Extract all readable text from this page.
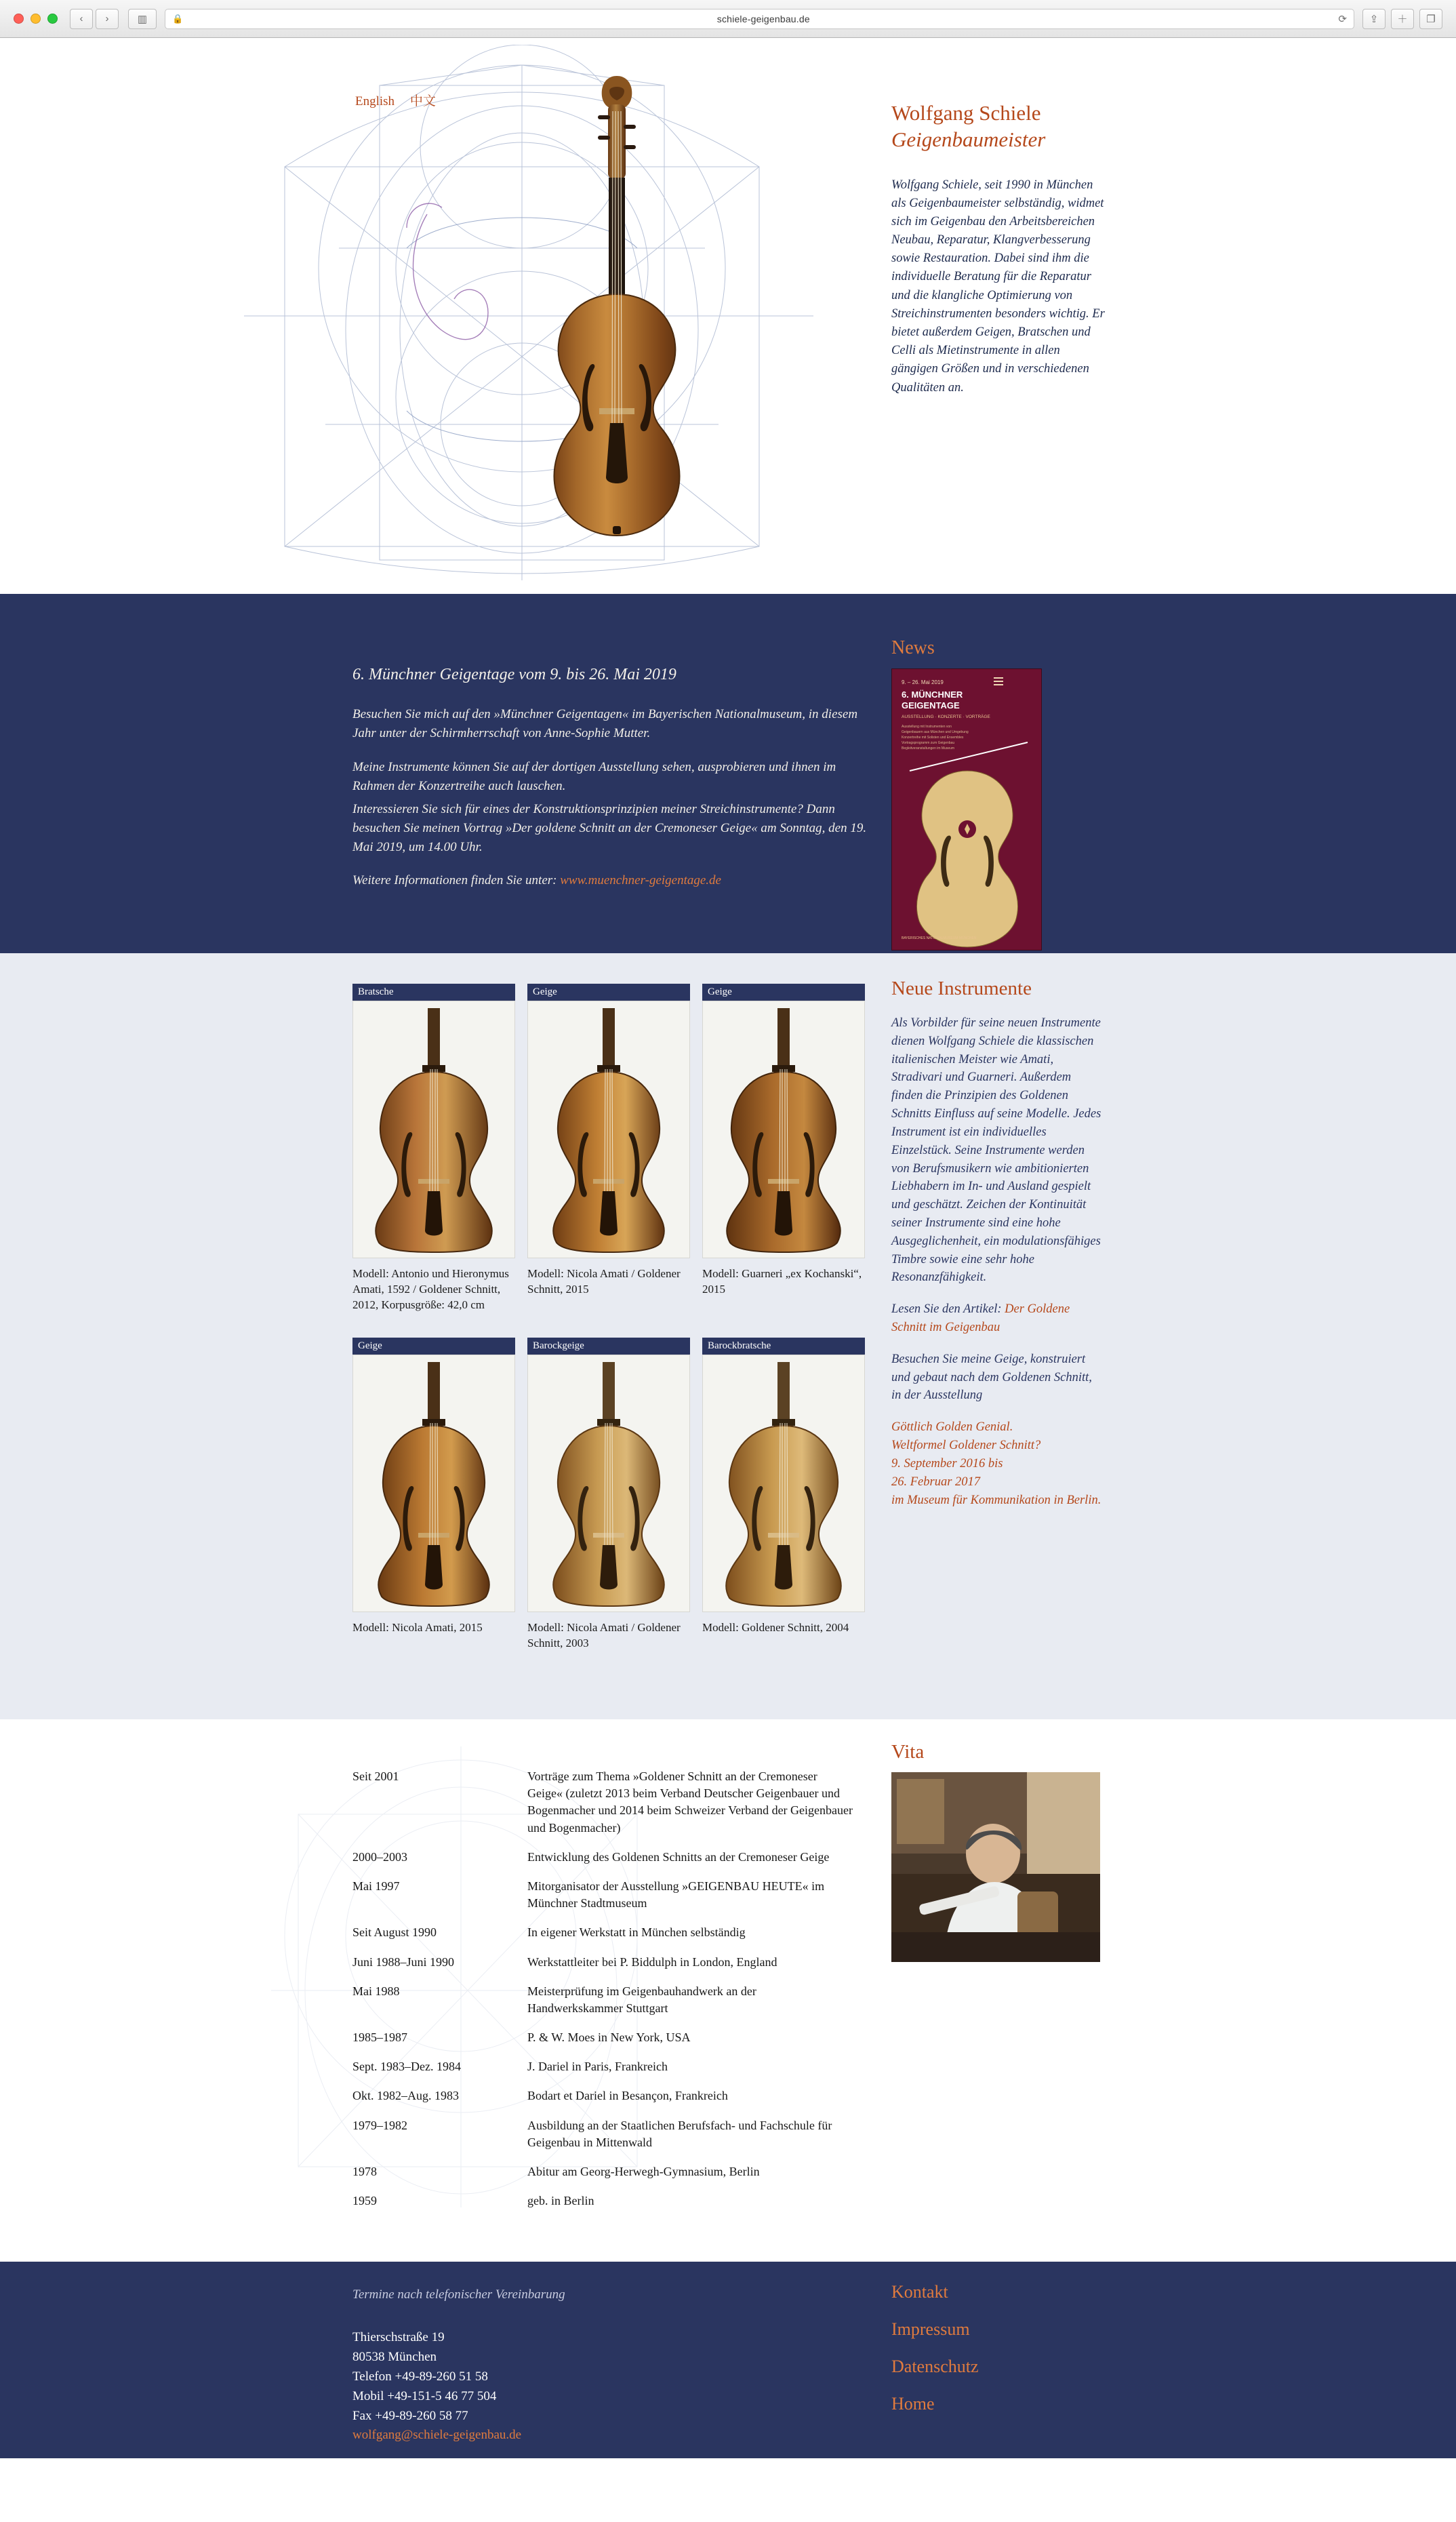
‹	›	▥	🔒	schiele-geigenbau.de	⟳	⇪	＋	❐
English 中文	Wolfgang Schiele
Geigenbaumeister
Wolfgang Schiele, seit 1990 in München als Geigenbaumeister selbständig, widmet sich im Geigenbau den Arbeitsbereichen Neubau, Reparatur, Klangverbesserung sowie Restauration. Dabei sind ihm die individuelle Beratung für die Reparatur und die klangliche Optimierung von Streichinstrumenten besonders wichtig. Er bietet außerdem Geigen, Bratschen und Celli als Mietinstrumente in allen gängigen Größen und in verschiedenen Qualitäten an.
News
6. Münchner Geigentage vom 9. bis 26. Mai 2019

Besuchen Sie mich auf den »Münchner Geigentagen« im Bayerischen Nationalmuseum, in diesem Jahr unter der Schirmherrschaft von Anne-Sophie Mutter.

Meine Instrumente können Sie auf der dortigen Ausstellung sehen, ausprobieren und ihnen im Rahmen der Konzertreihe auch lauschen.

Interessieren Sie sich für eines der Konstruktionsprinzipien meiner Streichinstrumente? Dann besuchen Sie meinen Vortrag »Der goldene Schnitt an der Cremoneser Geige« am Sonntag, den 19. Mai 2019, um 14.00 Uhr.

Weitere Informationen finden Sie unter: www.muenchner-geigentage.de

9. – 26. Mai 2019
6. MÜNCHNER
GEIGENTAGE
AUSSTELLUNG · KONZERTE · VORTRÄGE
Ausstellung mit Instrumenten von
Geigenbauern aus München und Umgebung
Konzertreihe mit Solisten und Ensembles
Vortragsprogramm zum Geigenbau
Begleitveranstaltungen im Museum
BAYERISCHES NATIONALMUSEUM MÜNCHEN
Neue Instrumente

Als Vorbilder für seine neuen Instrumente dienen Wolfgang Schiele die klassischen italienischen Meister wie Amati, Stradivari und Guarneri. Außerdem finden die Prinzipien des Goldenen Schnitts Einfluss auf seine Modelle. Jedes Instrument ist ein individuelles Einzelstück. Seine Instrumente werden von Berufsmusikern wie ambitionierten Liebhabern im In- und Ausland gespielt und geschätzt. Zeichen der Kontinuität seiner Instrumente sind eine hohe Ausgeglichenheit, ein modulationsfähiges Timbre sowie eine sehr hohe Resonanzfähigkeit.

Lesen Sie den Artikel: Der Goldene Schnitt im Geigenbau

Besuchen Sie meine Geige, konstruiert und gebaut nach dem Goldenen Schnitt, in der Ausstellung

Göttlich Golden Genial.
Weltformel Goldener Schnitt?
9. September 2016 bis
26. Februar 2017
im Museum für Kommunikation in Berlin.

Bratsche
Modell: Antonio und Hieronymus Amati, 1592 / Goldener Schnitt, 2012, Korpusgröße: 42,0 cm
Geige
Modell: Nicola Amati / Goldener Schnitt, 2015
Geige
Modell: Guarneri „ex Kochanski“, 2015
Geige
Modell: Nicola Amati, 2015
Barockgeige
Modell: Nicola Amati / Goldener Schnitt, 2003
Barockbratsche
Modell: Goldener Schnitt, 2004
Vita
Seit 2001	Vorträge zum Thema »Goldener Schnitt an der Cremoneser Geige« (zuletzt 2013 beim Verband Deutscher Geigenbauer und Bogenmacher und 2014 beim Schweizer Verband der Geigenbauer und Bogenmacher)
2000–2003	Entwicklung des Goldenen Schnitts an der Cremoneser Geige
Mai 1997	Mitorganisator der Ausstellung »GEIGENBAU HEUTE« im Münchner Stadtmuseum
Seit August 1990	In eigener Werkstatt in München selbständig
Juni 1988–Juni 1990	Werkstattleiter bei P. Biddulph in London, England
Mai 1988	Meisterprüfung im Geigenbauhandwerk an der Handwerkskammer Stuttgart
1985–1987	P. & W. Moes in New York, USA
Sept. 1983–Dez. 1984	J. Dariel in Paris, Frankreich
Okt. 1982–Aug. 1983	Bodart et Dariel in Besançon, Frankreich
1979–1982	Ausbildung an der Staatlichen Berufsfach- und Fachschule für Geigenbau in Mittenwald
1978	Abitur am Georg-Herwegh-Gymnasium, Berlin
1959	geb. in Berlin
Termine nach telefonischer Vereinbarung
Thierschstraße 19
80538 München
Telefon +49-89-260 51 58
Mobil +49-151-5 46 77 504
Fax +49-89-260 58 77
wolfgang@schiele-geigenbau.de
Kontakt
Impressum
Datenschutz
Home
